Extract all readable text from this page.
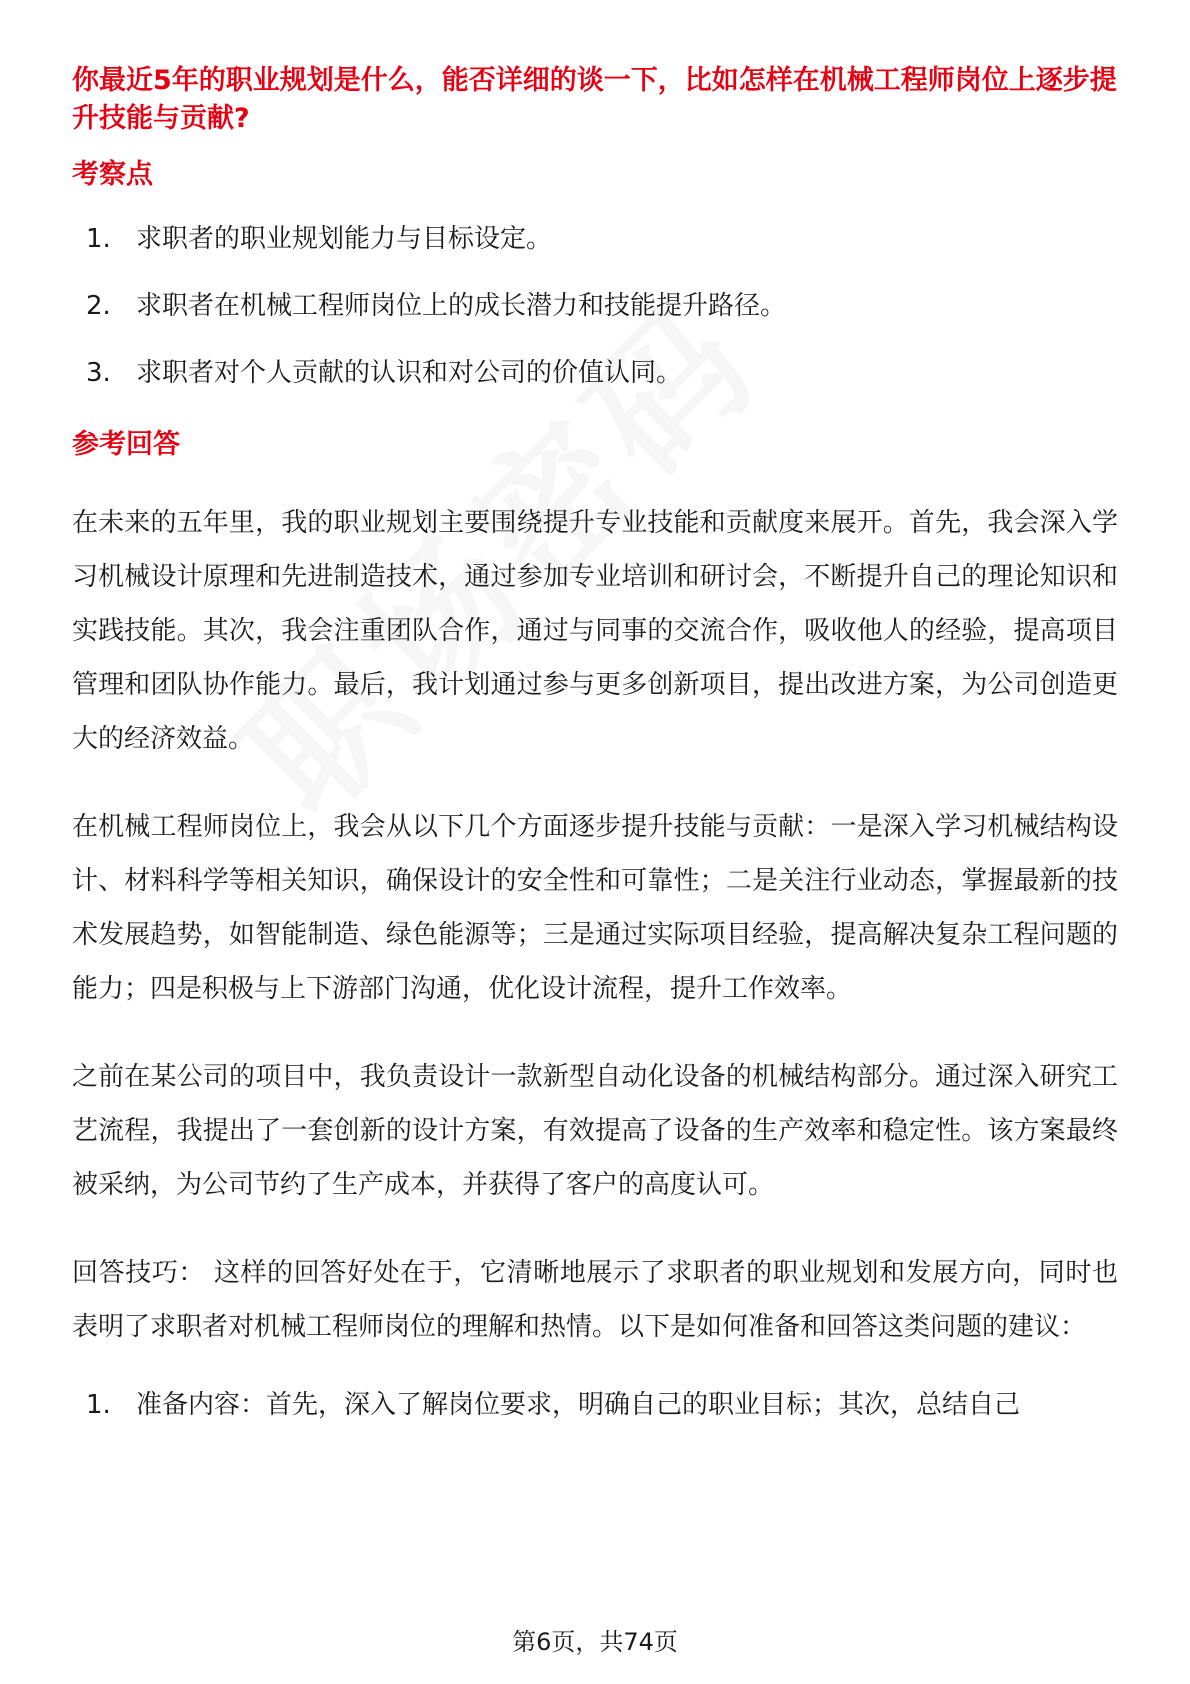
你最近5年的职业规划是什么，能否详细的谈一下，比如怎样在机械工程师岗位上逐步提升技能与贡献?
考察点
1. 求职者的职业规划能力与目标设定。
2. 求职者在机械工程师岗位上的成长潜力和技能提升路径。
3. 求职者对个人贡献的认识和对公司的价值认同。
参考回答

在未来的五年里，我的职业规划主要围绕提升专业技能和贡献度来展开。首先，我会深入学习机械设计原理和先进制造技术，通过参加专业培训和研讨会，不断提升自己的理论知识和实践技能。其次，我会注重团队合作，通过与同事的交流合作，吸收他人的经验，提高项目管理和团队协作能力。最后，我计划通过参与更多创新项目，提出改进方案，为公司创造更大的经济效益。

在机械工程师岗位上，我会从以下几个方面逐步提升技能与贡献：一是深入学习机械结构设计、材料科学等相关知识，确保设计的安全性和可靠性；二是关注行业动态，掌握最新的技术发展趋势，如智能制造、绿色能源等；三是通过实际项目经验，提高解决复杂工程问题的能力；四是积极与上下游部门沟通，优化设计流程，提升工作效率。

之前在某公司的项目中，我负责设计一款新型自动化设备的机械结构部分。通过深入研究工艺流程，我提出了一套创新的设计方案，有效提高了设备的生产效率和稳定性。该方案最终被采纳，为公司节约了生产成本，并获得了客户的高度认可。

回答技巧： 这样的回答好处在于，它清晰地展示了求职者的职业规划和发展方向，同时也表明了求职者对机械工程师岗位的理解和热情。以下是如何准备和回答这类问题的建议：

1. 准备内容：首先，深入了解岗位要求，明确自己的职业目标；其次，总结自己
第6页，共74页
